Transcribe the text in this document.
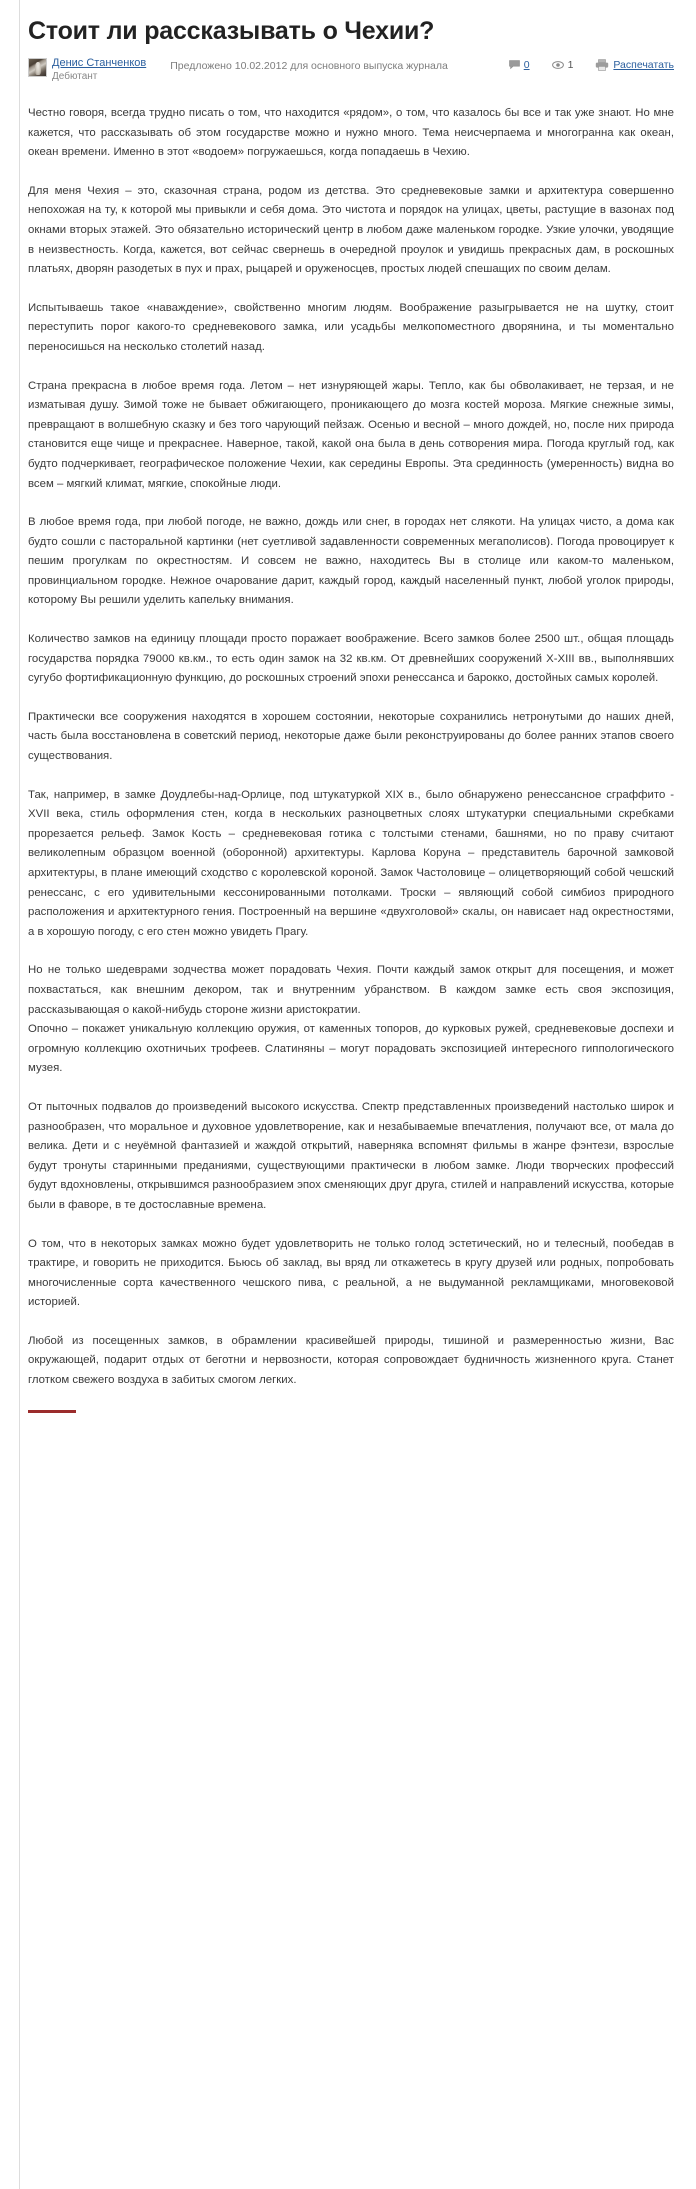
Стоит ли рассказывать о Чехии?
Денис Станченков
Дебютант
Предложено 10.02.2012 для основного выпуска журнала	0	1	Распечатать

Честно говоря, всегда трудно писать о том, что находится «рядом», о том, что казалось бы все и так уже знают. Но мне кажется, что рассказывать об этом государстве можно и нужно много. Тема неисчерпаема и многогранна как океан, океан времени. Именно в этот «водоем» погружаешься, когда попадаешь в Чехию.

Для меня Чехия – это, сказочная страна, родом из детства. Это средневековые замки и архитектура совершенно непохожая на ту, к которой мы привыкли и себя дома. Это чистота и порядок на улицах, цветы, растущие в вазонах под окнами вторых этажей. Это обязательно исторический центр в любом даже маленьком городке. Узкие улочки, уводящие в неизвестность. Когда, кажется, вот сейчас свернешь в очередной проулок и увидишь прекрасных дам, в роскошных платьях, дворян разодетых в пух и прах, рыцарей и оруженосцев, простых людей спешащих по своим делам.

Испытываешь такое «наваждение», свойственно многим людям. Воображение разыгрывается не на шутку, стоит переступить порог какого-то средневекового замка, или усадьбы мелкопоместного дворянина, и ты моментально переносишься на несколько столетий назад.

Страна прекрасна в любое время года. Летом – нет изнуряющей жары. Тепло, как бы обволакивает, не терзая, и не изматывая душу. Зимой тоже не бывает обжигающего, проникающего до мозга костей мороза. Мягкие снежные зимы, превращают в волшебную сказку и без того чарующий пейзаж. Осенью и весной – много дождей, но, после них природа становится еще чище и прекраснее. Наверное, такой, какой она была в день сотворения мира. Погода круглый год, как будто подчеркивает, географическое положение Чехии, как середины Европы. Эта срединность (умеренность) видна во всем – мягкий климат, мягкие, спокойные люди.

В любое время года, при любой погоде, не важно, дождь или снег, в городах нет слякоти. На улицах чисто, а дома как будто сошли с пасторальной картинки (нет суетливой задавленности современных мегаполисов). Погода провоцирует к пешим прогулкам по окрестностям. И совсем не важно, находитесь Вы в столице или каком-то маленьком, провинциальном городке. Нежное очарование дарит, каждый город, каждый населенный пункт, любой уголок природы, которому Вы решили уделить капельку внимания.

Количество замков на единицу площади просто поражает воображение. Всего замков более 2500 шт., общая площадь государства порядка 79000 кв.км., то есть один замок на 32 кв.км. От древнейших сооружений X-XIII вв., выполнявших сугубо фортификационную функцию, до роскошных строений эпохи ренессанса и барокко, достойных самых королей.

Практически все сооружения находятся в хорошем состоянии, некоторые сохранились нетронутыми до наших дней, часть была восстановлена в советский период, некоторые даже были реконструированы до более ранних этапов своего существования.

Так, например, в замке Доудлебы-над-Орлице, под штукатуркой XIX в., было обнаружено ренессансное сграффито - XVII века, стиль оформления стен, когда в нескольких разноцветных слоях штукатурки специальными скребками прорезается рельеф. Замок Кость – средневековая готика с толстыми стенами, башнями, но по праву считают великолепным образцом военной (оборонной) архитектуры. Карлова Коруна – представитель барочной замковой архитектуры, в плане имеющий сходство с королевской короной. Замок Частоловице – олицетворяющий собой чешский ренессанс, с его удивительными кессонированными потолками. Троски – являющий собой симбиоз природного расположения и архитектурного гения. Построенный на вершине «двухголовой» скалы, он нависает над окрестностями, а в хорошую погоду, с его стен можно увидеть Прагу.

Но не только шедеврами зодчества может порадовать Чехия. Почти каждый замок открыт для посещения, и может похвастаться, как внешним декором, так и внутренним убранством. В каждом замке есть своя экспозиция, рассказывающая о какой-нибудь стороне жизни аристократии.

Опочно – покажет уникальную коллекцию оружия, от каменных топоров, до курковых ружей, средневековые доспехи и огромную коллекцию охотничьих трофеев. Слатиняны – могут порадовать экспозицией интересного гиппологического музея.

От пыточных подвалов до произведений высокого искусства. Спектр представленных произведений настолько широк и разнообразен, что моральное и духовное удовлетворение, как и незабываемые впечатления, получают все, от мала до велика. Дети и с неуёмной фантазией и жаждой открытий, наверняка вспомнят фильмы в жанре фэнтези, взрослые будут тронуты старинными преданиями, существующими практически в любом замке. Люди творческих профессий будут вдохновлены, открывшимся разнообразием эпох сменяющих друг друга, стилей и направлений искусства, которые были в фаворе, в те достославные времена.

О том, что в некоторых замках можно будет удовлетворить не только голод эстетический, но и телесный, пообедав в трактире, и говорить не приходится. Бьюсь об заклад, вы вряд ли откажетесь в кругу друзей или родных, попробовать многочисленные сорта качественного чешского пива, с реальной, а не выдуманной рекламщиками, многовековой историей.

Любой из посещенных замков, в обрамлении красивейшей природы, тишиной и размеренностью жизни, Вас окружающей, подарит отдых от беготни и нервозности, которая сопровождает будничность жизненного круга. Станет глотком свежего воздуха в забитых смогом легких.
